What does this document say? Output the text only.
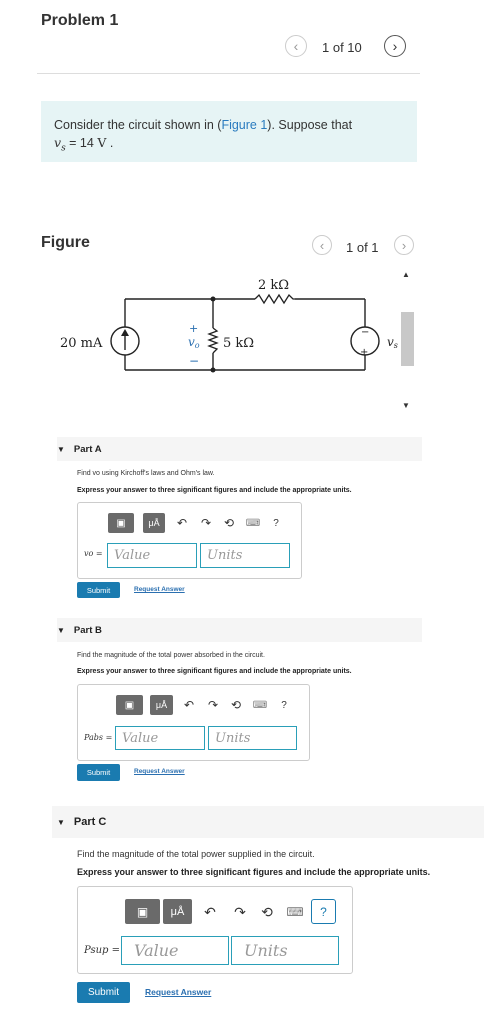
Problem 1
‹ 1 of 10 ›
Consider the circuit shown in (Figure 1). Suppose that
$v_s = 14$ V .
Figure	‹ 1 of 1 ›
20 mA	5 kΩ
2 kΩ
+
vo
−
−
+
vs
▲
▼
▼ Part A
Find vo using Kirchoff's laws and Ohm's law.
Express your answer to three significant figures and include the appropriate units.
▣	μÅ	↶ ↷ ⟲ ⌨	?
vo = Value	Units
Submit	Request Answer
▼ Part B
Find the magnitude of the total power absorbed in the circuit.
Express your answer to three significant figures and include the appropriate units.
▣	μÅ	↶ ↷ ⟲ ⌨	?
Pabs = Value	Units
Submit	Request Answer
▼ Part C
Find the magnitude of the total power supplied in the circuit.
Express your answer to three significant figures and include the appropriate units.
▣	μÅ	↶ ↷ ⟲ ⌨	?
Psup = Value	Units
Submit	Request Answer
